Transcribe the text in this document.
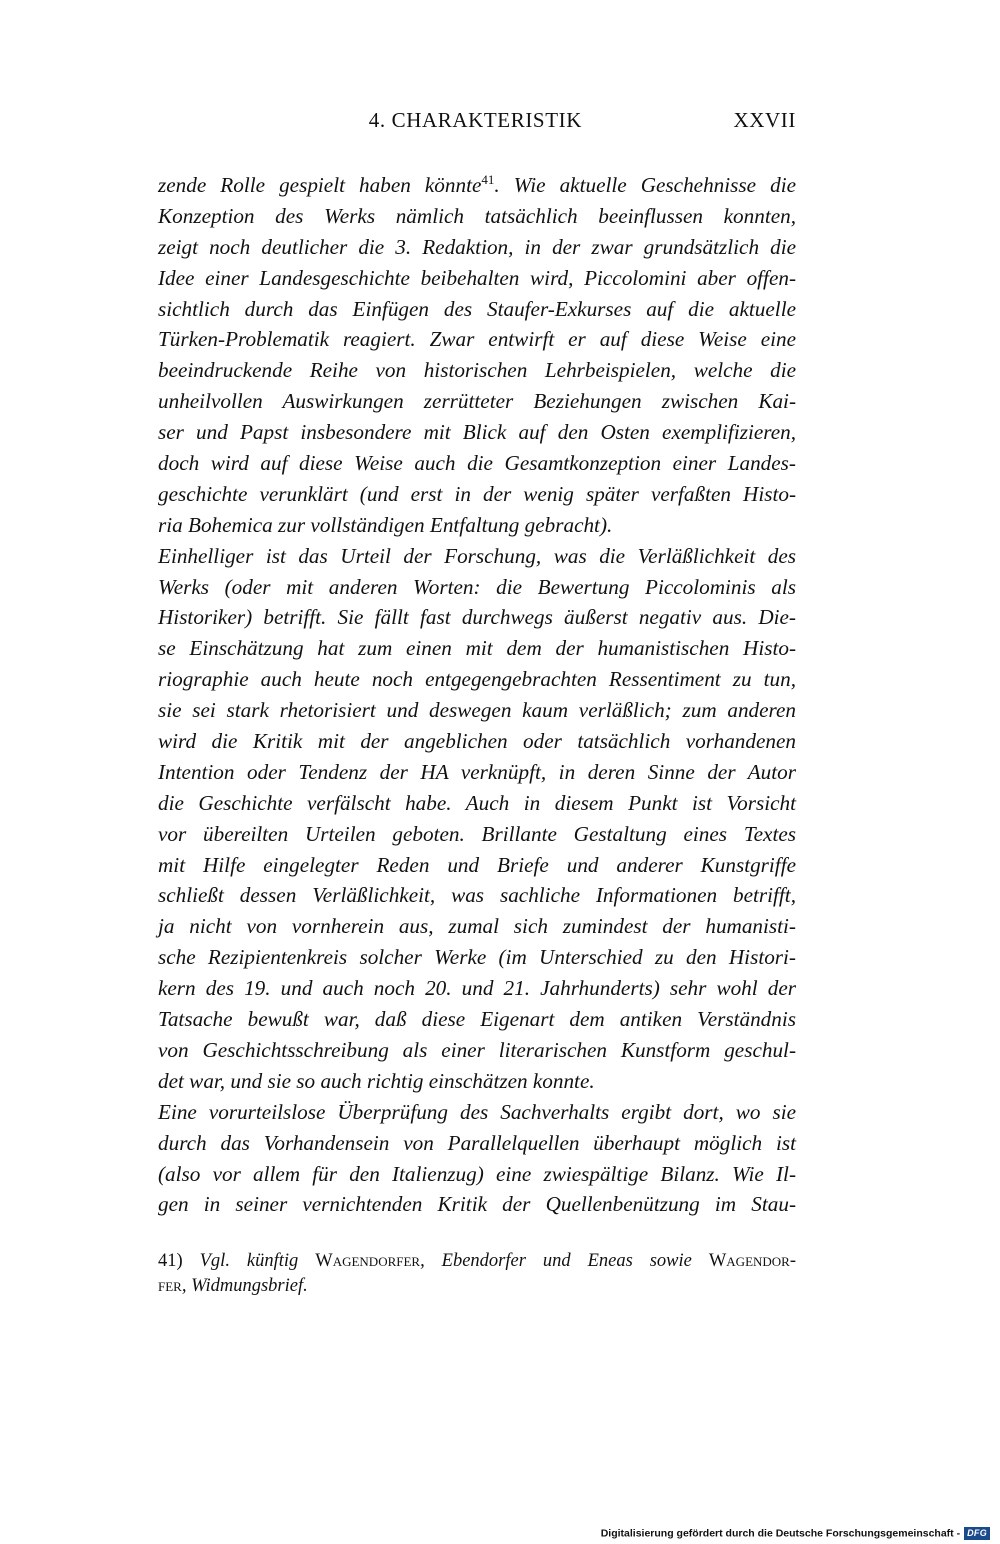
4. CHARAKTERISTIK	XXVII
zende Rolle gespielt haben könnte$^{41}$. Wie aktuelle Geschehnisse die
Konzeption des Werks nämlich tatsächlich beeinflussen konnten,
zeigt noch deutlicher die 3. Redaktion, in der zwar grundsätzlich die
Idee einer Landesgeschichte beibehalten wird, Piccolomini aber offen-
sichtlich durch das Einfügen des Staufer-Exkurses auf die aktuelle
Türken-Problematik reagiert. Zwar entwirft er auf diese Weise eine
beeindruckende Reihe von historischen Lehrbeispielen, welche die
unheilvollen Auswirkungen zerrütteter Beziehungen zwischen Kai-
ser und Papst insbesondere mit Blick auf den Osten exemplifizieren,
doch wird auf diese Weise auch die Gesamtkonzeption einer Landes-
geschichte verunklärt (und erst in der wenig später verfaßten Histo-
ria Bohemica zur vollständigen Entfaltung gebracht).
Einhelliger ist das Urteil der Forschung, was die Verläßlichkeit des
Werks (oder mit anderen Worten: die Bewertung Piccolominis als
Historiker) betrifft. Sie fällt fast durchwegs äußerst negativ aus. Die-
se Einschätzung hat zum einen mit dem der humanistischen Histo-
riographie auch heute noch entgegengebrachten Ressentiment zu tun,
sie sei stark rhetorisiert und deswegen kaum verläßlich; zum anderen
wird die Kritik mit der angeblichen oder tatsächlich vorhandenen
Intention oder Tendenz der HA verknüpft, in deren Sinne der Autor
die Geschichte verfälscht habe. Auch in diesem Punkt ist Vorsicht
vor übereilten Urteilen geboten. Brillante Gestaltung eines Textes
mit Hilfe eingelegter Reden und Briefe und anderer Kunstgriffe
schließt dessen Verläßlichkeit, was sachliche Informationen betrifft,
ja nicht von vornherein aus, zumal sich zumindest der humanisti-
sche Rezipientenkreis solcher Werke (im Unterschied zu den Histori-
kern des 19. und auch noch 20. und 21. Jahrhunderts) sehr wohl der
Tatsache bewußt war, daß diese Eigenart dem antiken Verständnis
von Geschichtsschreibung als einer literarischen Kunstform geschul-
det war, und sie so auch richtig einschätzen konnte.
Eine vorurteilslose Überprüfung des Sachverhalts ergibt dort, wo sie
durch das Vorhandensein von Parallelquellen überhaupt möglich ist
(also vor allem für den Italienzug) eine zwiespältige Bilanz. Wie Il-
gen in seiner vernichtenden Kritik der Quellenbenützung im Stau-
41) Vgl. künftig Wagendorfer, Ebendorfer und Eneas sowie Wagendor-
fer, Widmungsbrief.
Digitalisierung gefördert durch die Deutsche Forschungsgemeinschaft - DFG
